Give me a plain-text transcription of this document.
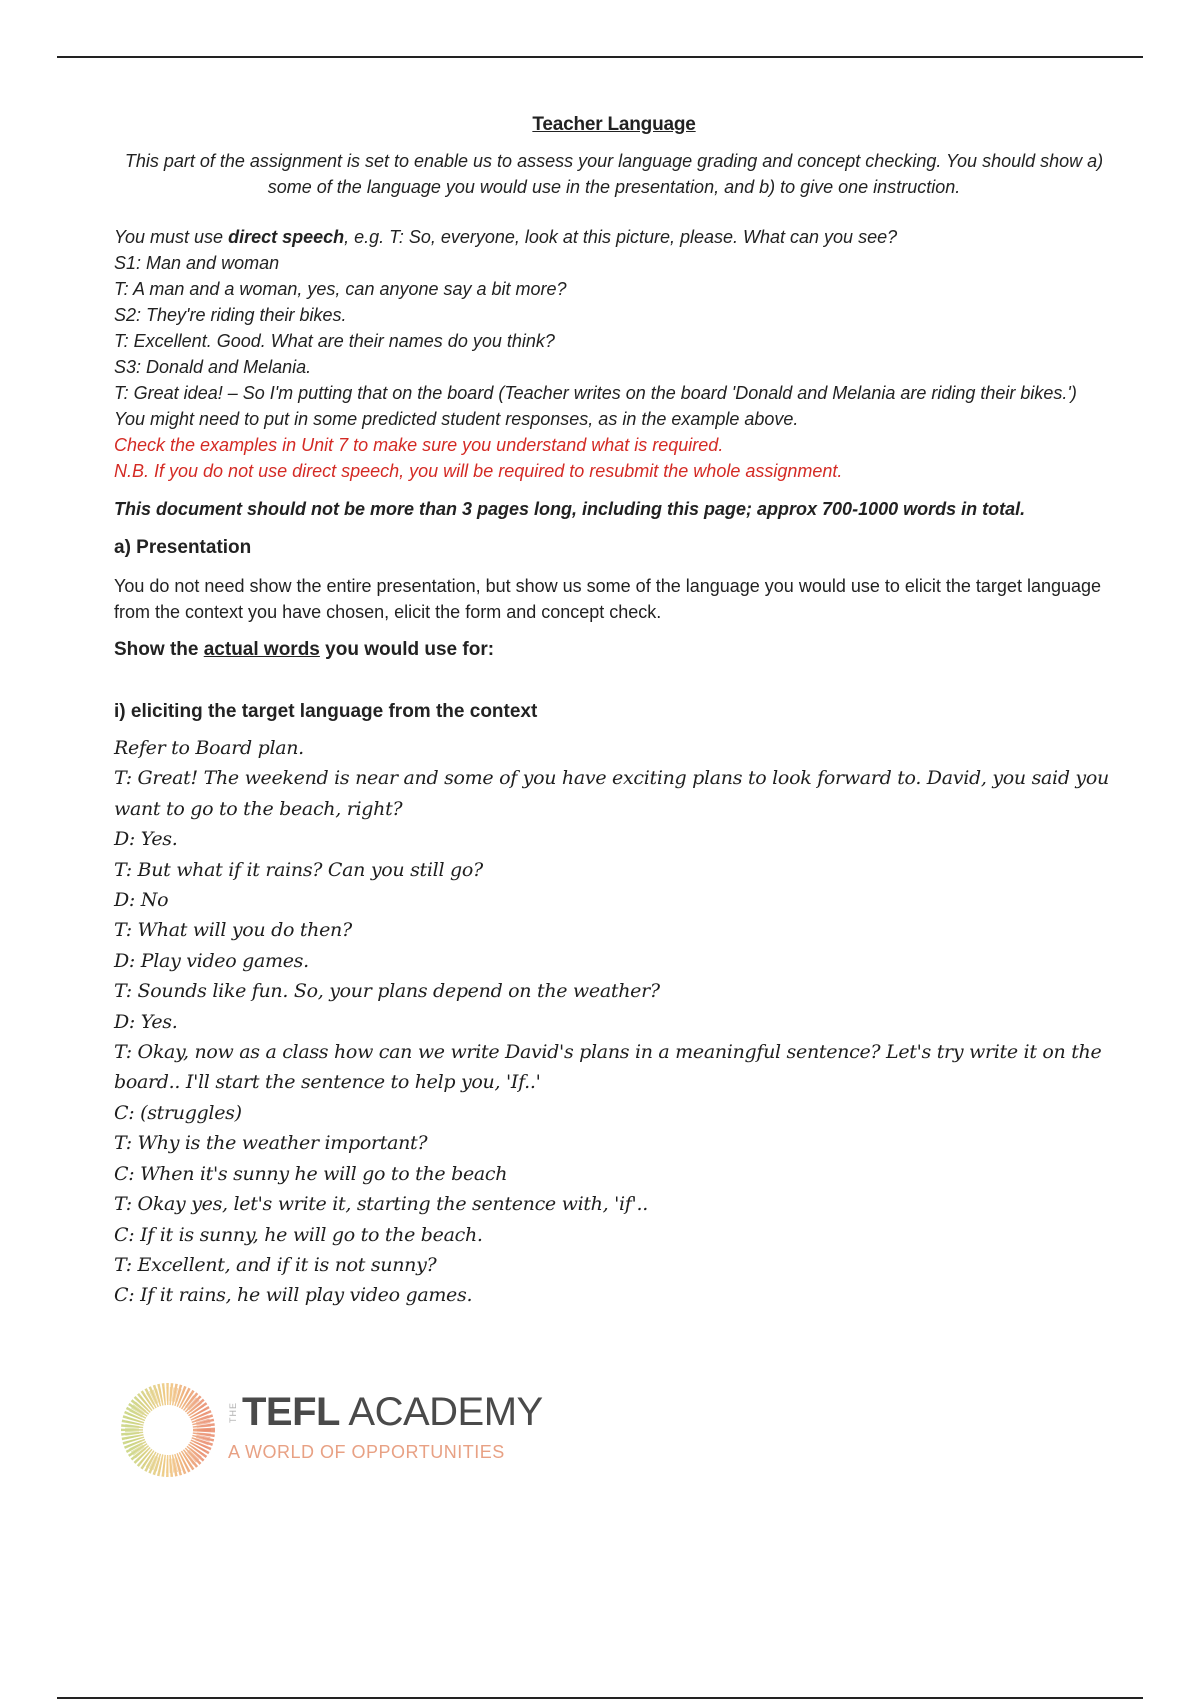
Teacher Language
This part of the assignment is set to enable us to assess your language grading and concept checking. You should show a) some of the language you would use in the presentation, and b) to give one instruction.
You must use direct speech, e.g. T: So, everyone, look at this picture, please. What can you see?
S1: Man and woman
T: A man and a woman, yes, can anyone say a bit more?
S2: They're riding their bikes.
T: Excellent. Good. What are their names do you think?
S3: Donald and Melania.
T: Great idea! – So I'm putting that on the board (Teacher writes on the board 'Donald and Melania are riding their bikes.')
You might need to put in some predicted student responses, as in the example above.
Check the examples in Unit 7 to make sure you understand what is required.
N.B. If you do not use direct speech, you will be required to resubmit the whole assignment.
This document should not be more than 3 pages long, including this page; approx 700-1000 words in total.
a) Presentation
You do not need show the entire presentation, but show us some of the language you would use to elicit the target language from the context you have chosen, elicit the form and concept check.
Show the actual words you would use for:
i) eliciting the target language from the context
Refer to Board plan.
T: Great! The weekend is near and some of you have exciting plans to look forward to. David, you said you want to go to the beach, right?
D: Yes.
T: But what if it rains? Can you still go?
D: No
T: What will you do then?
D: Play video games.
T: Sounds like fun. So, your plans depend on the weather?
D: Yes.
T: Okay, now as a class how can we write David's plans in a meaningful sentence? Let's try write it on the board.. I'll start the sentence to help you, 'If..'
C: (struggles)
T: Why is the weather important?
C: When it's sunny he will go to the beach
T: Okay yes, let's write it, starting the sentence with, 'if'..
C: If it is sunny, he will go to the beach.
T: Excellent, and if it is not sunny?
C: If it rains, he will play video games.
THE TEFL ACADEMY
A WORLD OF OPPORTUNITIES
